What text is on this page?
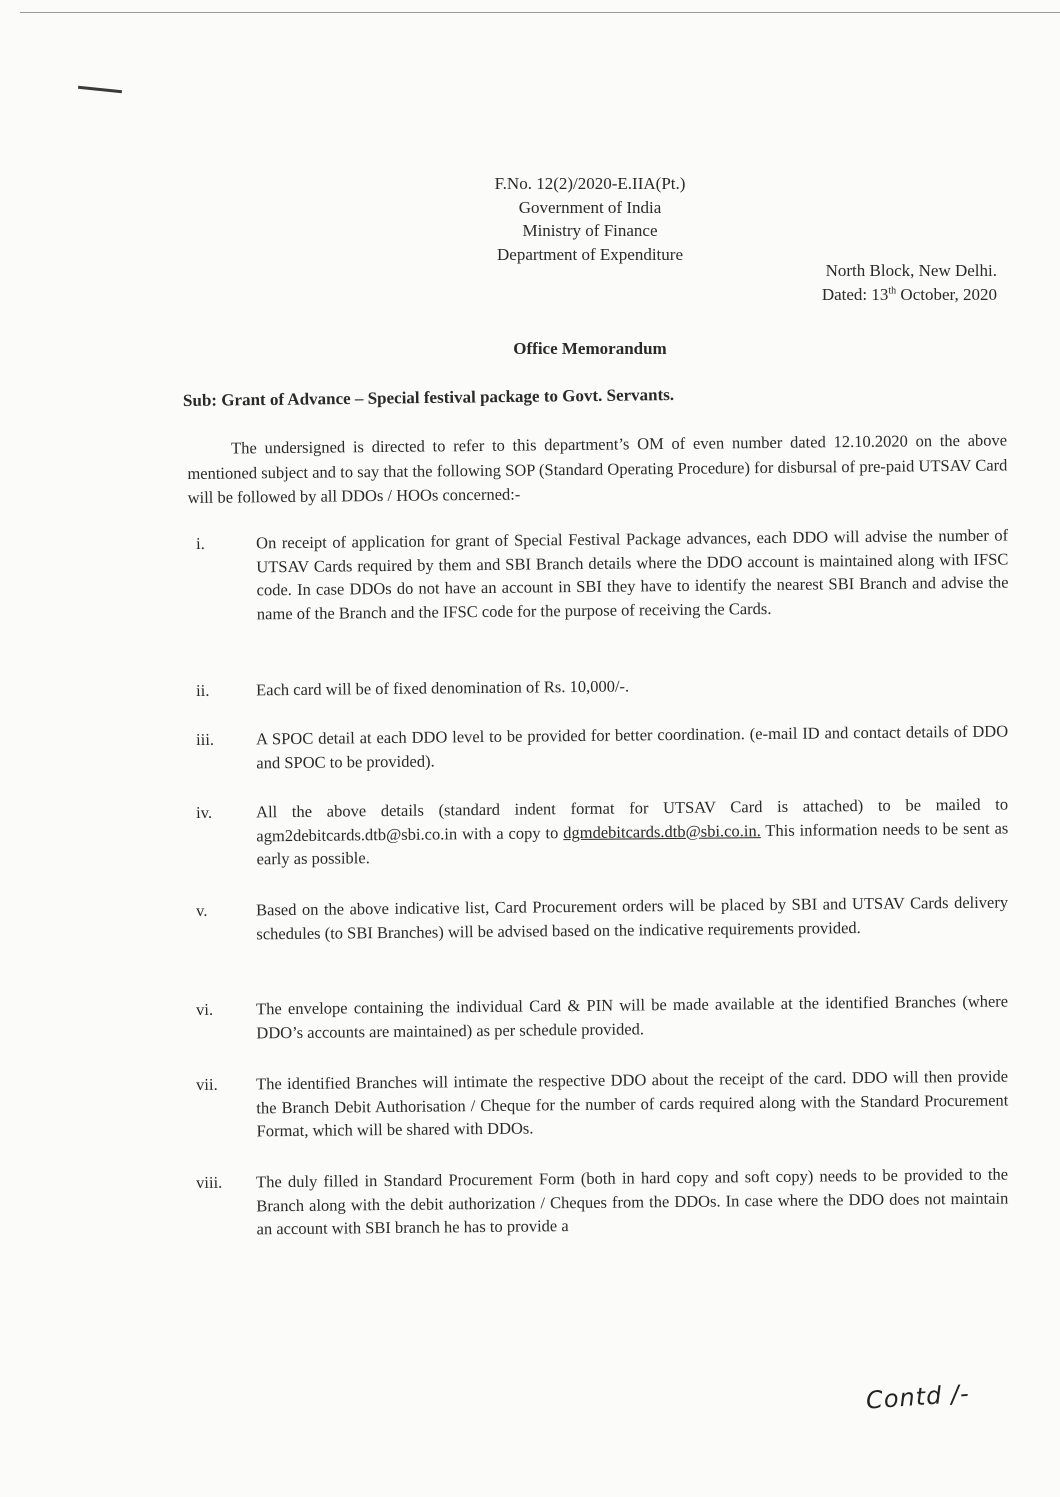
F.No. 12(2)/2020-E.IIA(Pt.)
Government of India
Ministry of Finance
Department of Expenditure
North Block, New Delhi.
Dated: 13th October, 2020
Office Memorandum
Sub: Grant of Advance – Special festival package to Govt. Servants.
The undersigned is directed to refer to this department’s OM of even number dated 12.10.2020 on the above mentioned subject and to say that the following SOP (Standard Operating Procedure) for disbursal of pre-paid UTSAV Card will be followed by all DDOs / HOOs concerned:-
i.	On receipt of application for grant of Special Festival Package advances, each DDO will advise the number of UTSAV Cards required by them and SBI Branch details where the DDO account is maintained along with IFSC code. In case DDOs do not have an account in SBI they have to identify the nearest SBI Branch and advise the name of the Branch and the IFSC code for the purpose of receiving the Cards.
ii.	Each card will be of fixed denomination of Rs. 10,000/-.
iii.	A SPOC detail at each DDO level to be provided for better coordination. (e-mail ID and contact details of DDO and SPOC to be provided).
iv.	All the above details (standard indent format for UTSAV Card is attached) to be mailed to agm2debitcards.dtb@sbi.co.in with a copy to dgmdebitcards.dtb@sbi.co.in. This information needs to be sent as early as possible.
v.	Based on the above indicative list, Card Procurement orders will be placed by SBI and UTSAV Cards delivery schedules (to SBI Branches) will be advised based on the indicative requirements provided.
vi.	The envelope containing the individual Card & PIN will be made available at the identified Branches (where DDO’s accounts are maintained) as per schedule provided.
vii.	The identified Branches will intimate the respective DDO about the receipt of the card. DDO will then provide the Branch Debit Authorisation / Cheque for the number of cards required along with the Standard Procurement Format, which will be shared with DDOs.
viii.	The duly filled in Standard Procurement Form (both in hard copy and soft copy) needs to be provided to the Branch along with the debit authorization / Cheques from the DDOs. In case where the DDO does not maintain an account with SBI branch he has to provide a
Contd /-
